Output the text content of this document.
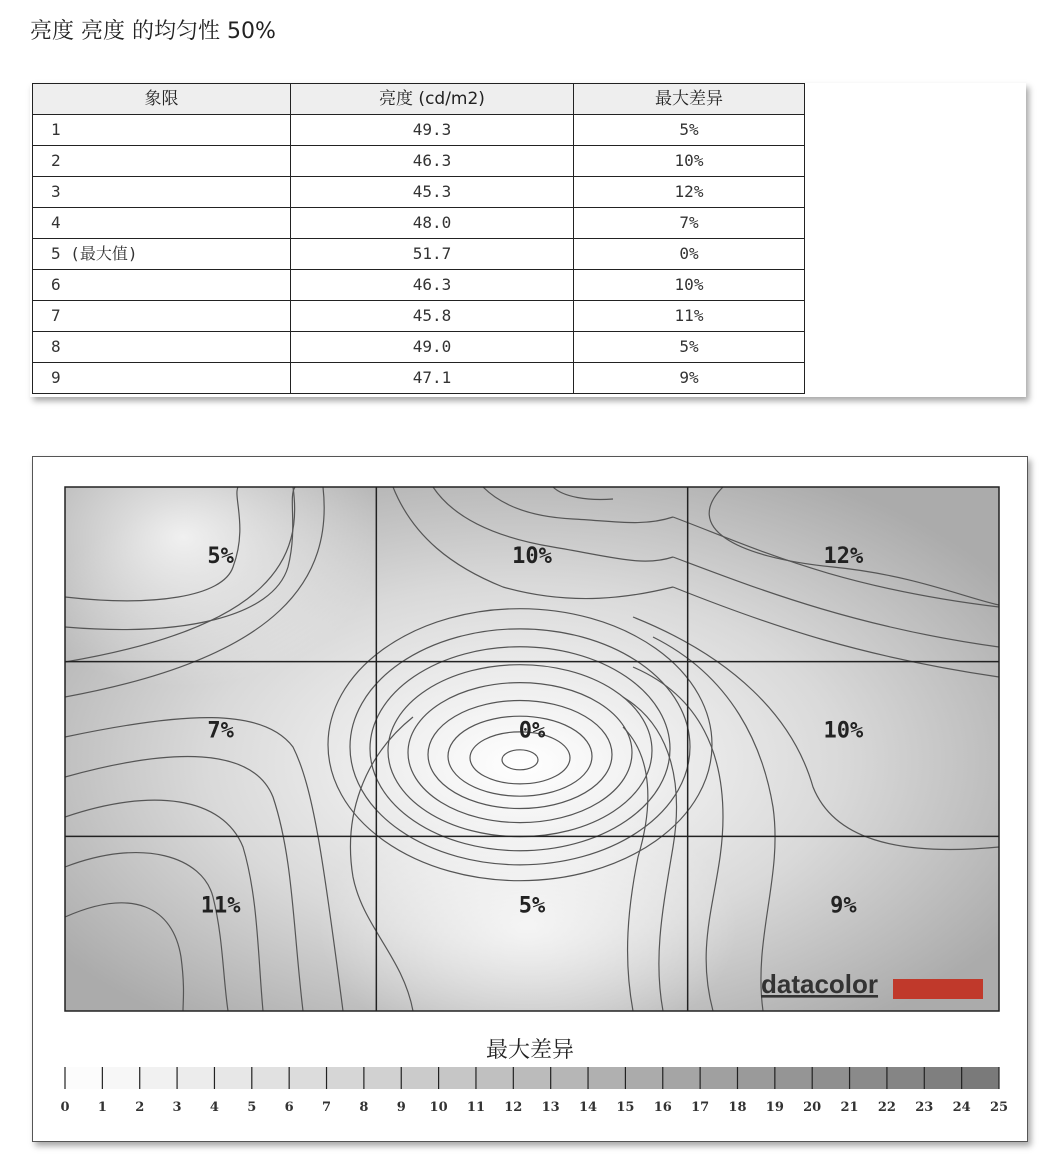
亮度 亮度 的均匀性 50%
象限	亮度 (cd/m2)	最大差异
1	49.3	5%
2	46.3	10%
3	45.3	12%
4	48.0	7%
5 (最大值)	51.7	0%
6	46.3	10%
7	45.8	11%
8	49.0	5%
9	47.1	9%
5%	10%	12%
7%	0%	10%
11%	5%	9%
datacolor
最大差异
0 1 2 3 4 5 6 7 8 9 10 11 12 13 14 15 16 17 18 19 20 21 22 23 24 25
